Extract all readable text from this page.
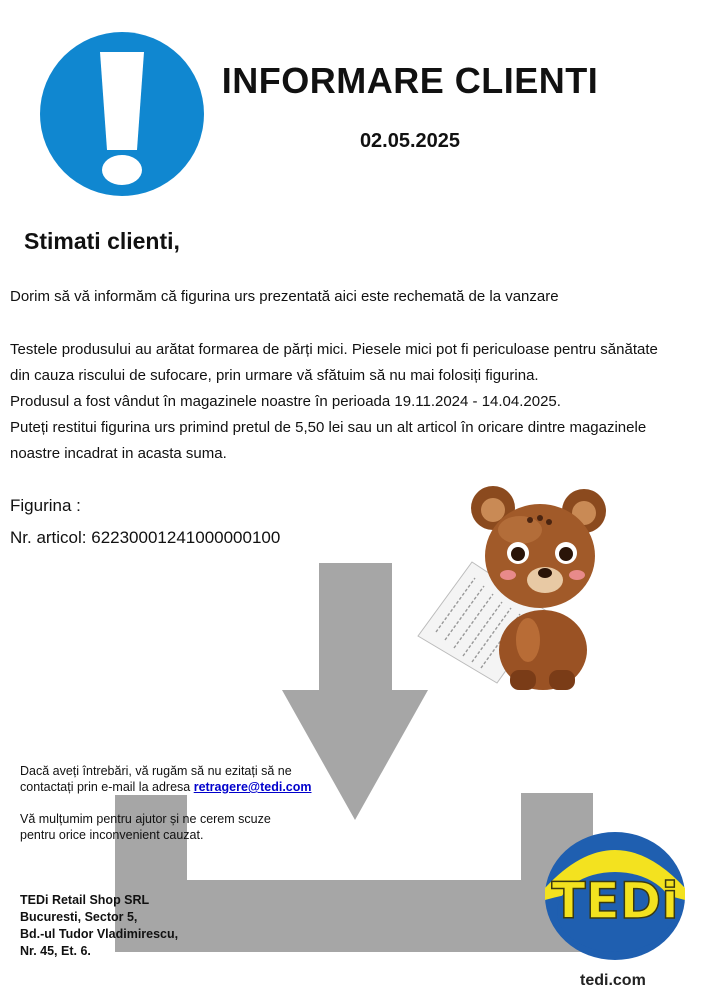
INFORMARE CLIENTI
02.05.2025
Stimati clienti,
Dorim să vă informăm că figurina urs prezentată aici este rechemată de la vanzare
Testele produsului au arătat formarea de părți mici. Piesele mici pot fi periculoase pentru sănătate
din cauza riscului de sufocare, prin urmare vă sfătuim să nu mai folosiți figurina.
Produsul a fost vândut în magazinele noastre în perioada 19.11.2024 - 14.04.2025.
Puteți restitui figurina urs primind pretul de 5,50 lei sau un alt articol în oricare dintre magazinele
noastre incadrat in acasta suma.
Figurina :
Nr. articol: 62230001241000000100
TEDi
Dacă aveți întrebări, vă rugăm să nu ezitați să ne
contactați prin e-mail la adresa retragere@tedi.com
Vă mulțumim pentru ajutor și ne cerem scuze
pentru orice inconvenient cauzat.
TEDi Retail Shop SRL
Bucuresti, Sector 5,
Bd.-ul Tudor Vladimirescu,
Nr. 45, Et. 6.
tedi.com
